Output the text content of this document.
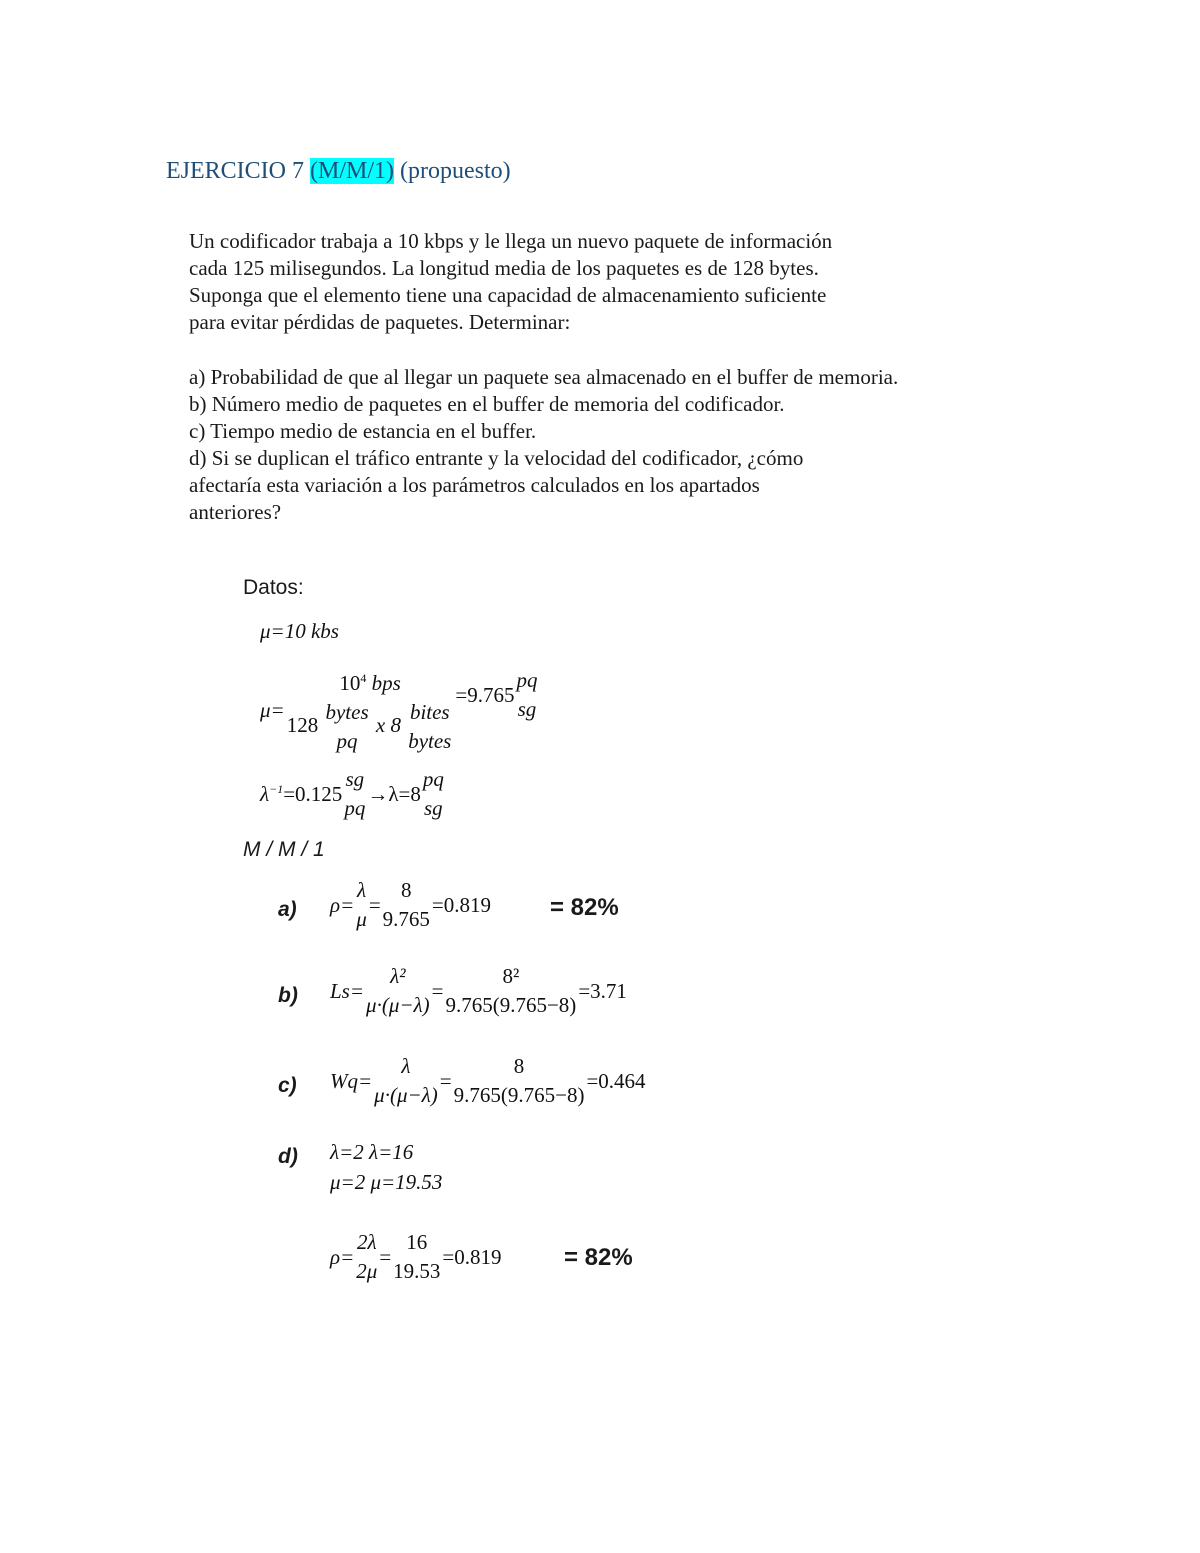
EJERCICIO 7 (M/M/1) (propuesto)
Un codificador trabaja a 10 kbps y le llega un nuevo paquete de información
cada 125 milisegundos. La longitud media de los paquetes es de 128 bytes.
Suponga que el elemento tiene una capacidad de almacenamiento suficiente
para evitar pérdidas de paquetes. Determinar:
a) Probabilidad de que al llegar un paquete sea almacenado en el buffer de memoria.
b) Número medio de paquetes en el buffer de memoria del codificador.
c) Tiempo medio de estancia en el buffer.
d) Si se duplican el tráfico entrante y la velocidad del codificador, ¿cómo
afectaría esta variación a los parámetros calculados en los apartados
anteriores?
Datos:
μ=10 kbs
μ=
$10^4$ bps
128
bytes
pq
x 8
bites
bytes
=9.765
pq
sg
$\lambda^{-1} =0.125$
sg
pq
→λ=8
pq
sg
M / M / 1
a) ρ=
λ
μ
=
8
9.765
=0.819 = 82%
b) Ls=
λ²
μ·(μ−λ)
=
8²
9.765(9.765−8)
=3.71
c) Wq=
λ
μ·(μ−λ)
=
8
9.765(9.765−8)
=0.464
d) λ=2 λ=16
μ=2 μ=19.53
ρ=
2λ
2μ
=
16
19.53
=0.819	= 82%
